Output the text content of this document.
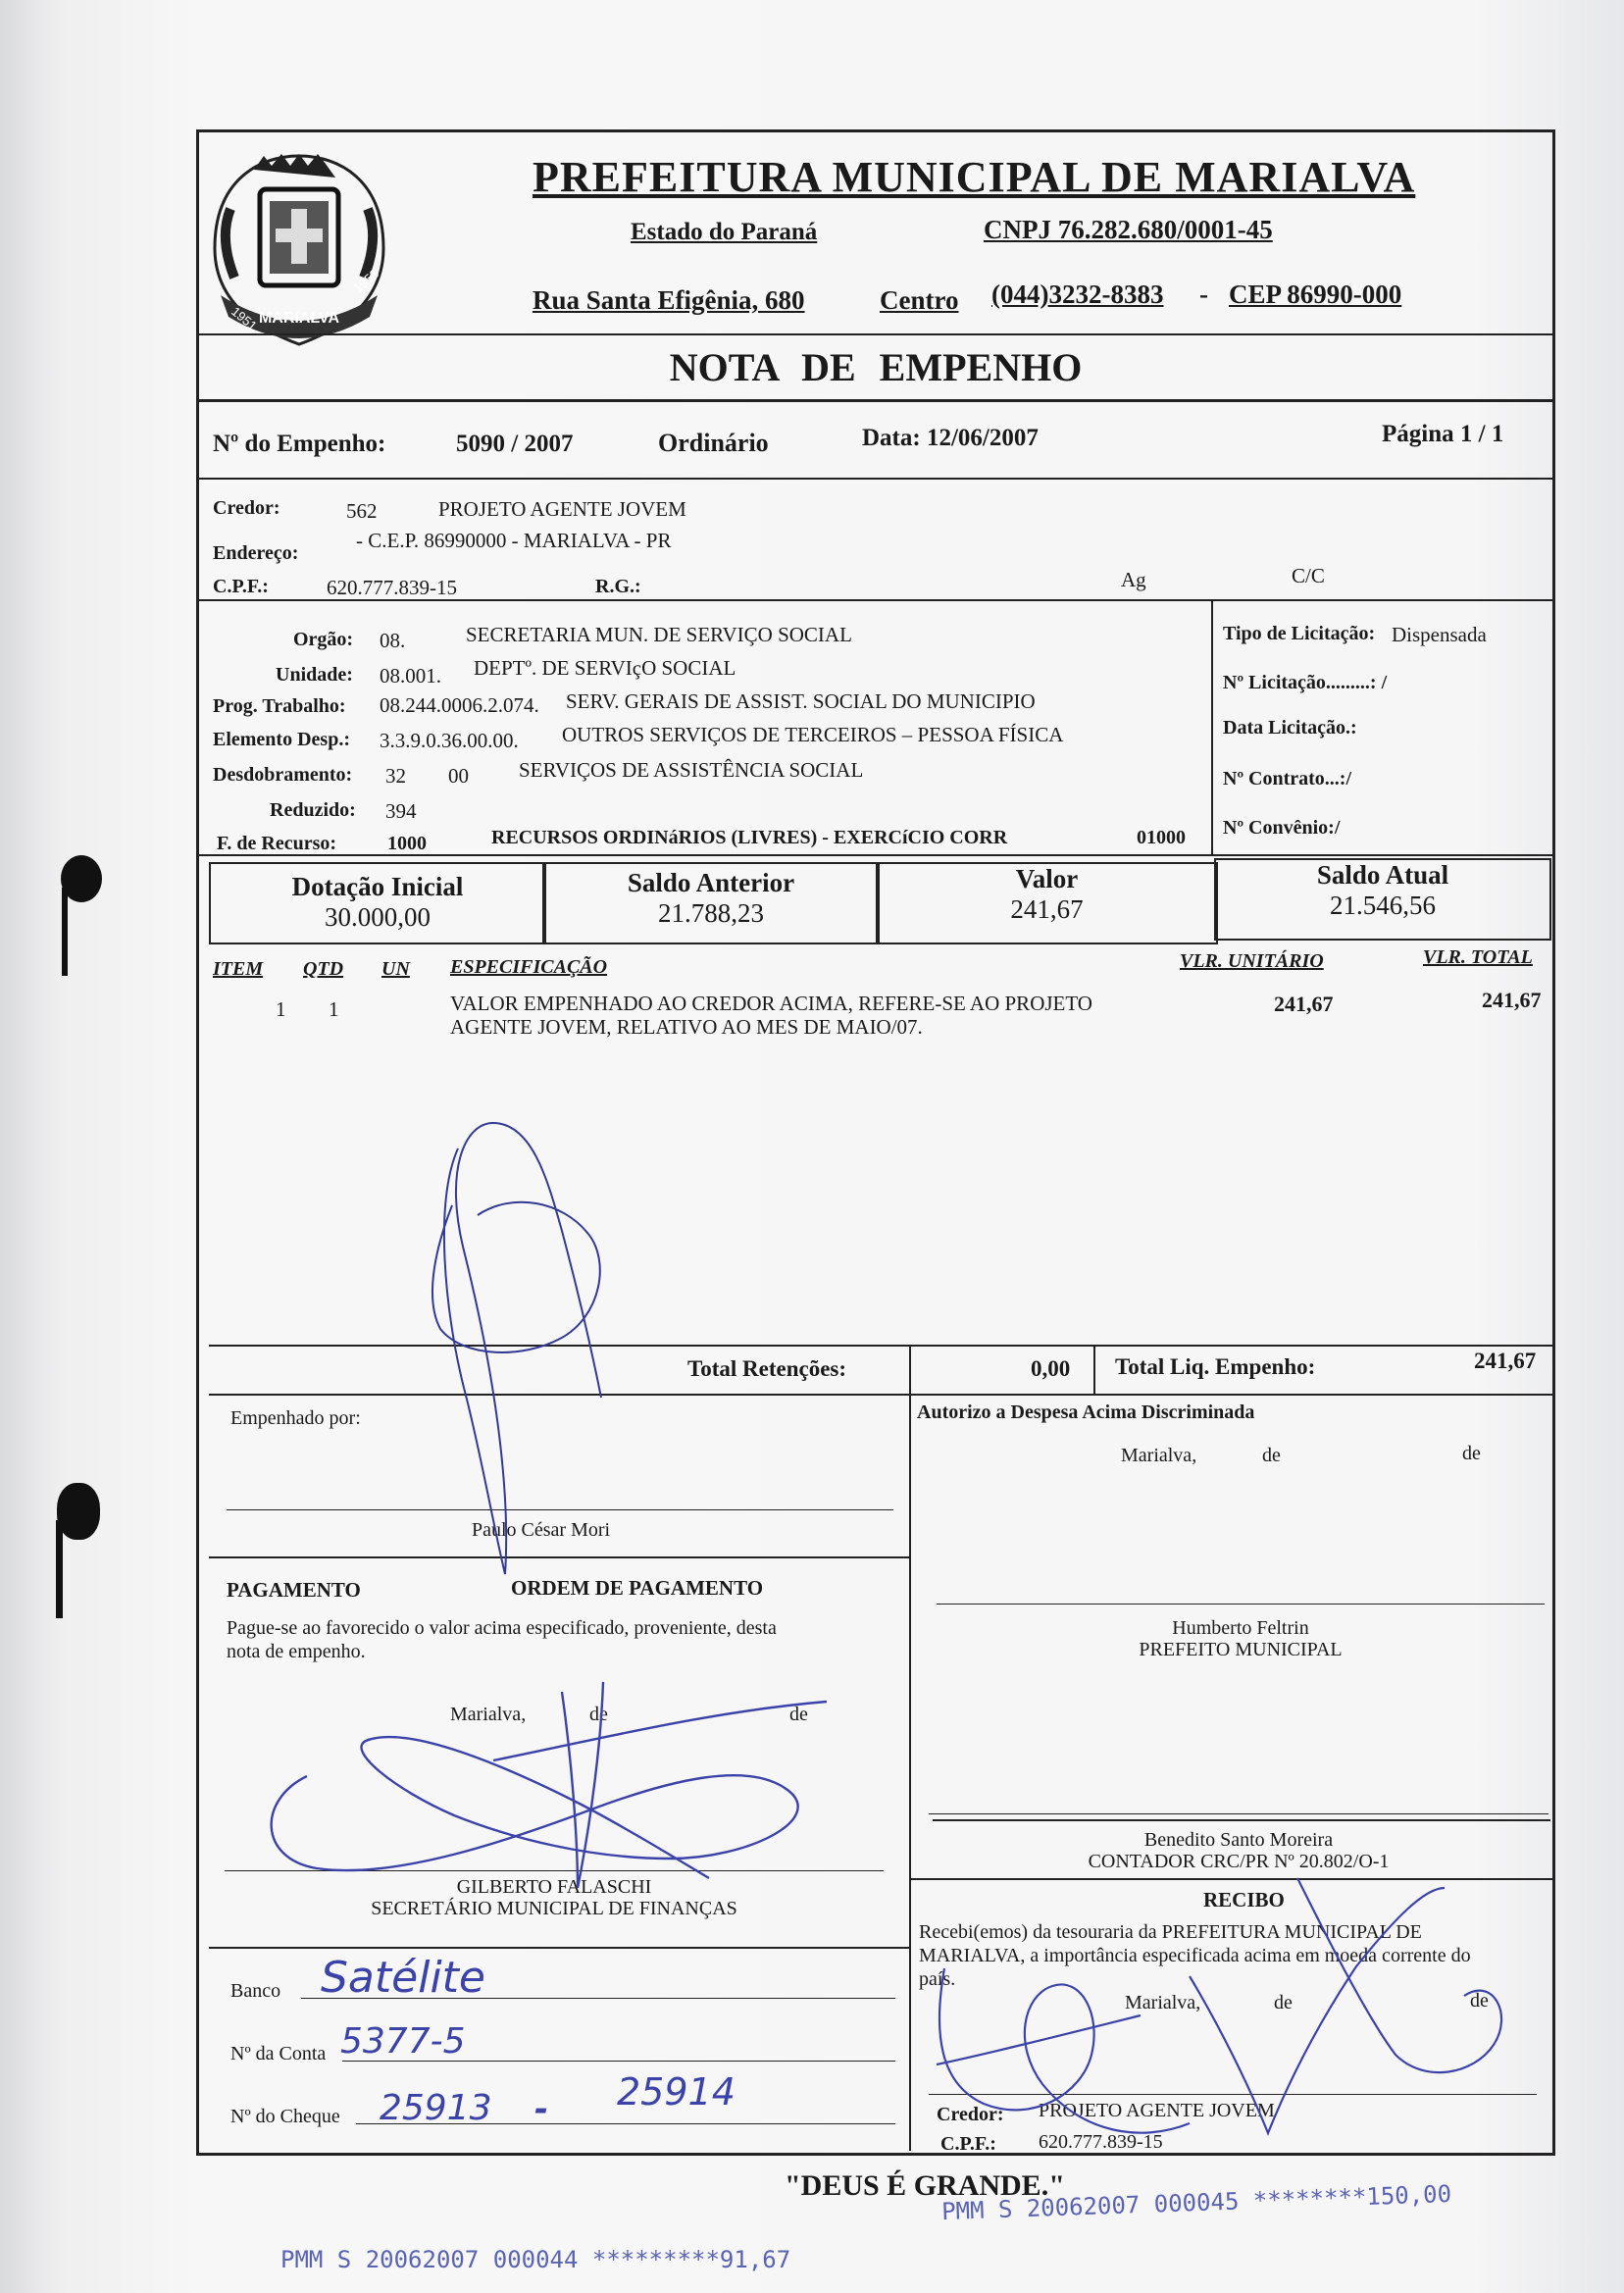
MARIALVA
1951
1953
PREFEITURA MUNICIPAL DE MARIALVA
Estado do Paraná	CNPJ 76.282.680/0001-45
Rua Santa Efigênia, 680	Centro (044)3232-8383 - CEP 86990-000
NOTA DE EMPENHO
Nº do Empenho:	5090 / 2007	Ordinário	Data: 12/06/2007	Página 1 / 1
Credor:	562	PROJETO AGENTE JOVEM
Endereço:
- C.E.P. 86990000 - MARIALVA - PR
C.P.F.:	620.777.839-15	R.G.:	Ag	C/C
Orgão: 08.	SECRETARIA MUN. DE SERVIÇO SOCIAL
Unidade: 08.001. DEPTº. DE SERVIçO SOCIAL
Prog. Trabalho: 08.244.0006.2.074. SERV. GERAIS DE ASSIST. SOCIAL DO MUNICIPIO
Elemento Desp.: 3.3.9.0.36.00.00. OUTROS SERVIÇOS DE TERCEIROS – PESSOA FÍSICA
Desdobramento: 32 00 SERVIÇOS DE ASSISTÊNCIA SOCIAL
Reduzido: 394
F. de Recurso:	1000	RECURSOS ORDINáRIOS (LIVRES) - EXERCíCIO CORR	01000
Tipo de Licitação: Dispensada
Nº Licitação.........: /
Data Licitação.:
Nº Contrato...:/
Nº Convênio:/
Dotação Inicial
30.000,00
Saldo Anterior
21.788,23
Valor
241,67
Saldo Atual
21.546,56
ITEM QTD UN ESPECIFICAÇÃO	VLR. UNITÁRIO	VLR. TOTAL
1 1	VALOR EMPENHADO AO CREDOR ACIMA, REFERE-SE AO PROJETO
AGENTE JOVEM, RELATIVO AO MES DE MAIO/07.
241,67	241,67
Total Retenções:	0,00 Total Liq. Empenho:	241,67
Empenhado por:
Paulo César Mori
Autorizo a Despesa Acima Discriminada
Marialva,	de	de
Humberto Feltrin
PREFEITO MUNICIPAL
PAGAMENTO	ORDEM DE PAGAMENTO
Pague-se ao favorecido o valor acima especificado, proveniente, desta
nota de empenho.
Marialva,	de	de
GILBERTO FALASCHI
SECRETÁRIO MUNICIPAL DE FINANÇAS
Benedito Santo Moreira
CONTADOR CRC/PR Nº 20.802/O-1
Banco Satélite
Nº da Conta 5377-5
Nº do Cheque 25913 - 25914
RECIBO
Recebi(emos) da tesouraria da PREFEITURA MUNICIPAL DE
MARIALVA, a importância especificada acima em moeda corrente do
país.
Marialva,	de	de
Credor: PROJETO AGENTE JOVEM
C.P.F.: 620.777.839-15
"DEUS É GRANDE."
PMM S 20062007 000045 ********150,00
PMM S 20062007 000044 *********91,67
